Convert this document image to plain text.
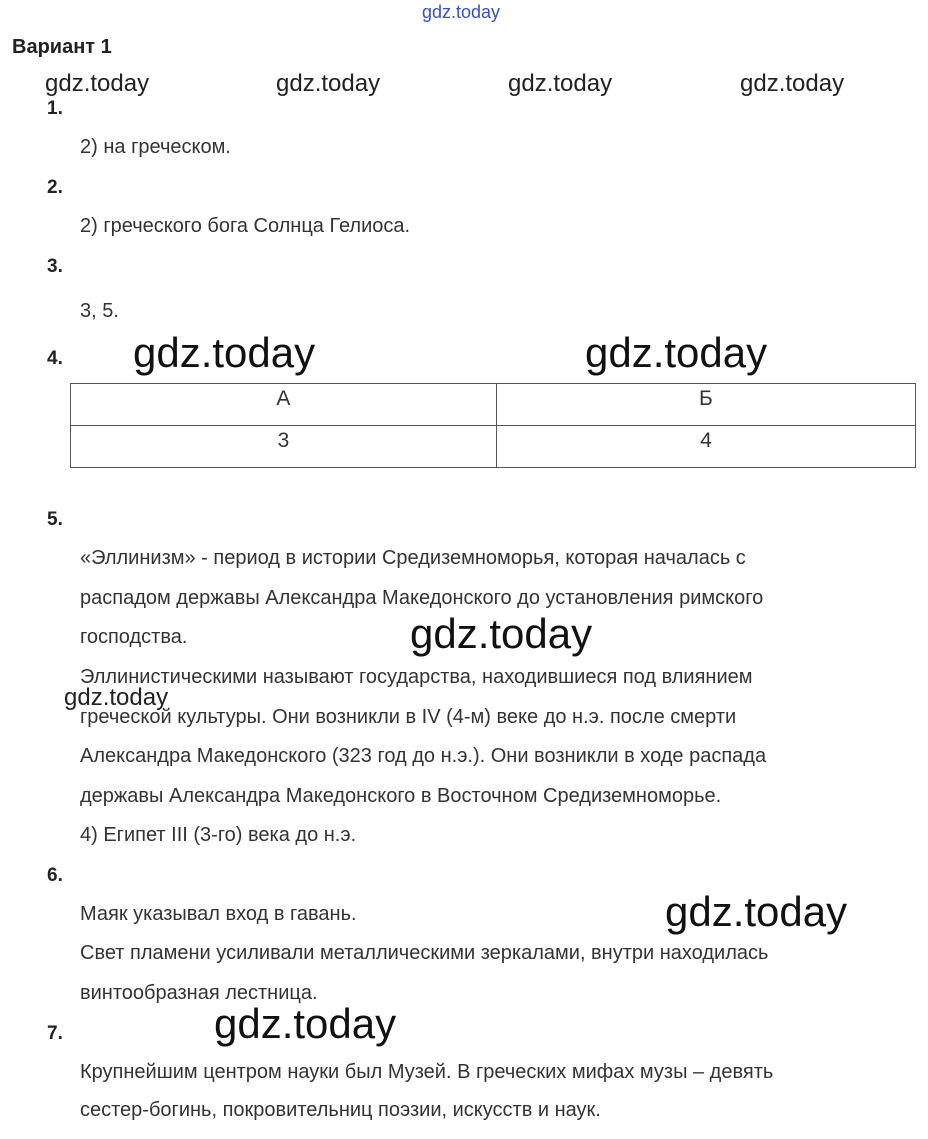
gdz.today
Вариант 1
gdz.today	gdz.today	gdz.today	gdz.today
1.
2) на греческом.
2.
2) греческого бога Солнца Гелиоса.
3.
3, 5.
4. gdz.today	gdz.today
А	Б
3	4
5.
«Эллинизм» - период в истории Средиземноморья, которая началась с
распадом державы Александра Македонского до установления римского
господства.
Эллинистическими называют государства, находившиеся под влиянием
греческой культуры. Они возникли в IV (4-м) веке до н.э. после смерти
Александра Македонского (323 год до н.э.). Они возникли в ходе распада
державы Александра Македонского в Восточном Средиземноморье.
4) Египет III (3-го) века до н.э.
gdz.today
gdz.today
6.
Маяк указывал вход в гавань.
Свет пламени усиливали металлическими зеркалами, внутри находилась
винтообразная лестница.
gdz.today
7.	gdz.today
Крупнейшим центром науки был Музей. В греческих мифах музы – девять
сестер-богинь, покровительниц поэзии, искусств и наук.
